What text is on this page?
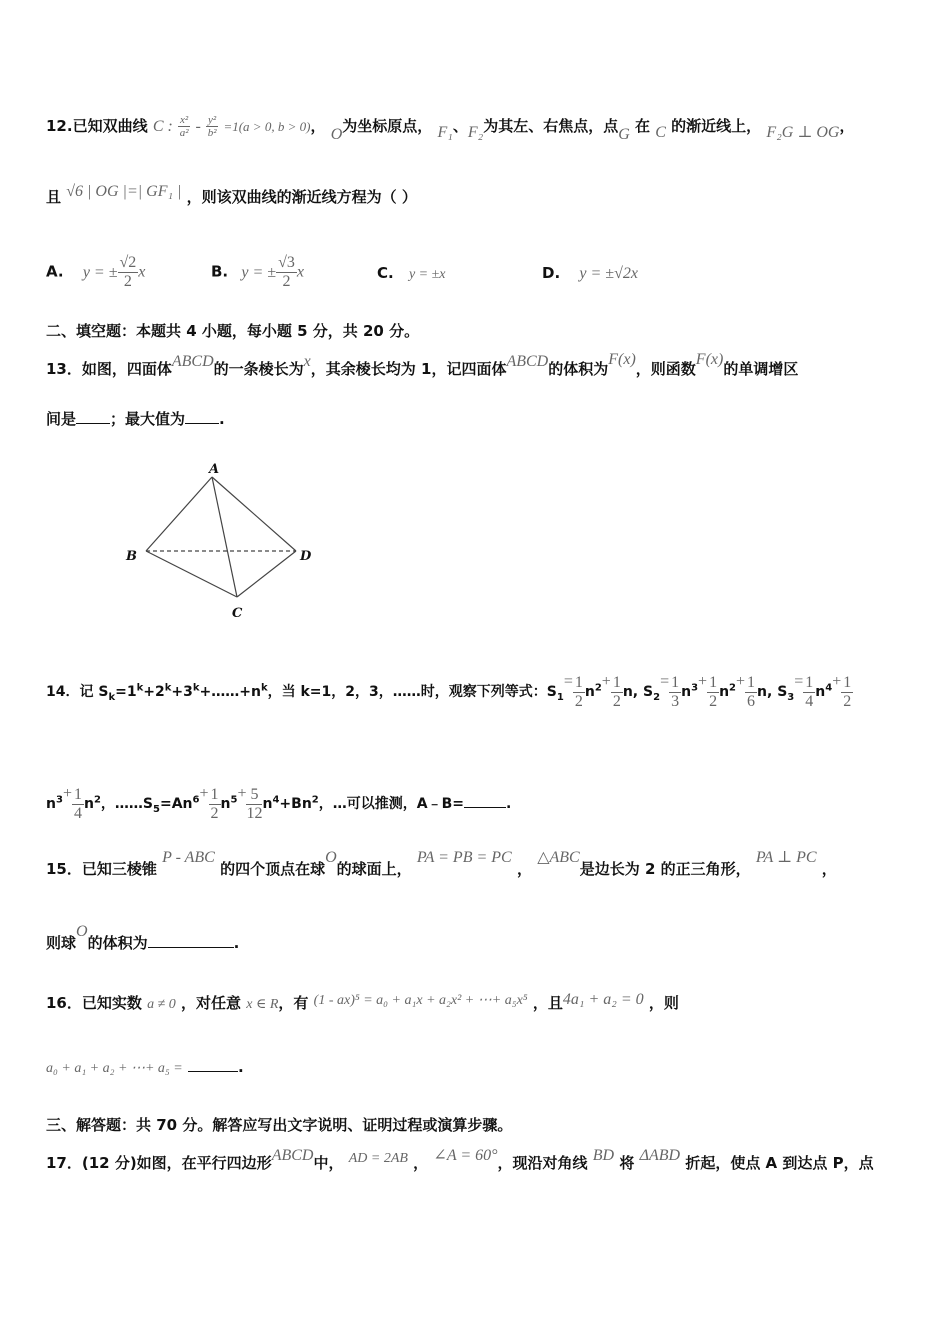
12.已知双曲线 C : $\frac{\text{x²}}{\text{a²}} - \frac{\text{y²}}{\text{b²}} =1(a > 0$, b > 0)， O为坐标原点， F₁、F₂为其左、右焦点，点G 在 C 的渐近线上， F₂G ⊥ OG，
且 √6 | OG |=| GF₁ | ，则该双曲线的渐近线方程为（ ）
A. y = ± $\frac{√2}{2}$ x	B. y = ± $\frac{√3}{2}$ x	C. y = ±x	D. y = ±√2x
二、填空题：本题共 4 小题，每小题 5 分，共 20 分。
13．如图，四面体ABCD的一条棱长为x，其余棱长均为 1，记四面体ABCD的体积为F(x)，则函数F(x)的单调增区
间是 ；最大值为 .
A
B
C
D
14．记 $S_k=1^k+2^k+3^k+\dots\dots+n^k$，当 k=1，2，3，……时，观察下列等式：$S_1= \frac{1}{2} n^2+ \frac{1}{2} n$, $S_2= \frac{1}{3} n^3+ \frac{1}{2} n^2+ \frac{1}{6} n$, $S_3= \frac{1}{4} n^4+ \frac{1}{2}$
$n^3+ \frac{1}{4} n^2$，$\dots\dots S_5=An^6+ \frac{1}{2} n^5+ \frac{5}{12} n^4+Bn^2$，…可以推测，A﹣B=	.
15．已知三棱锥 P - ABC 的四个顶点在球O的球面上， PA = PB = PC ， △ABC是边长为 2 的正三角形， PA ⊥ PC ，
则球O的体积为	.
16．已知实数 a ≠ 0 ，对任意 x ∈ R，有 (1 - ax)⁵ = a₀ + a₁x + a₂x² + ⋯+ a₅x⁵ ，且4a₁ + a₂ = 0 ，则
a₀ + a₁ + a₂ + ⋯+ a₅ =	.
三、解答题：共 70 分。解答应写出文字说明、证明过程或演算步骤。
17．(12 分)如图，在平行四边形ABCD中， AD = 2AB ， ∠A = 60°，现沿对角线 BD 将 ΔABD 折起，使点 A 到达点 P，点
